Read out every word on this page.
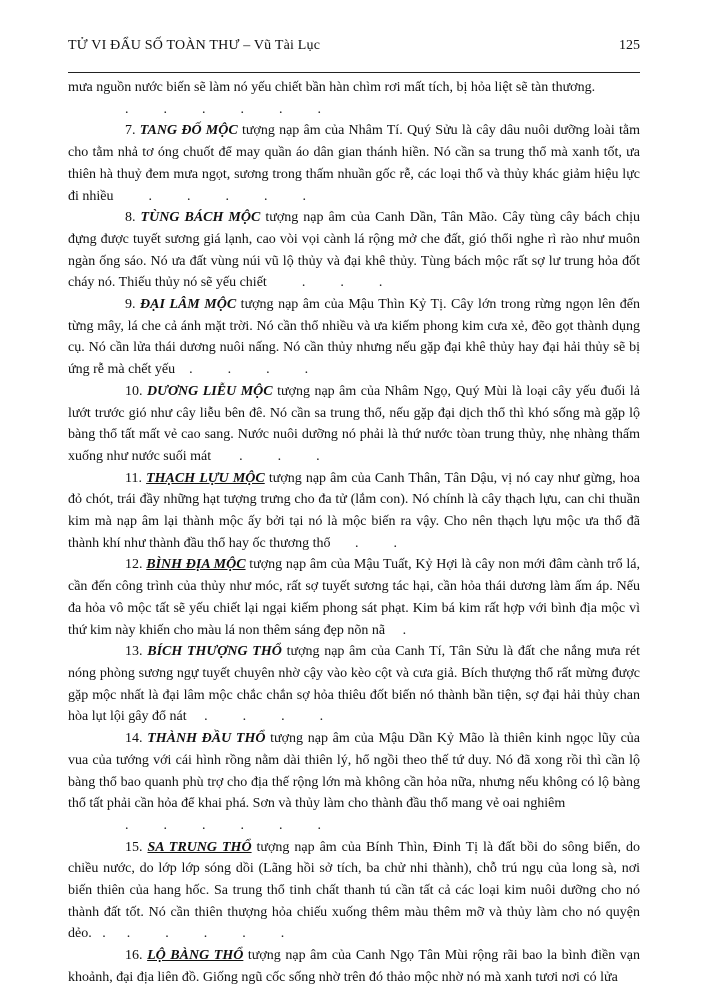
TỬ VI ĐẨU SỐ TOÀN THƯ – Vũ Tài Lục	125

mưa nguồn nước biến sẽ làm nó yếu chiết bần hàn chìm rơi mất tích, bị hỏa liệt sẽ tàn thương.

.          .          .          .          .          .

7. TANG ĐỐ MỘC tượng nạp âm của Nhâm Tí. Quý Sửu là cây dâu nuôi dưỡng loài tằm cho tằm nhả tơ óng chuốt để may quần áo dân gian thánh hiền. Nó cần sa trung thổ mà xanh tốt, ưa thiên hà thuỷ đem mưa ngọt, sương trong thấm nhuần gốc rễ, các loại thổ và thủy khác giảm hiệu lực đi nhiều          .          .          .          .          .

8. TÙNG BÁCH MỘC tượng nạp âm của Canh Dần, Tân Mão. Cây tùng cây bách chịu đựng được tuyết sương giá lạnh, cao vòi vọi cành lá rộng mở che đất, gió thổi nghe rì rào như muôn ngàn ống sáo. Nó ưa đất vùng núi vũ lộ thủy và đại khê thủy. Tùng bách mộc rất sợ lư trung hỏa đốt cháy nó. Thiếu thủy nó sẽ yếu chiết          .          .          .

9. ĐẠI LÂM MỘC tượng nạp âm của Mậu Thìn Kỷ Tị. Cây lớn trong rừng ngọn lên đến từng mây, lá che cả ánh mặt trời. Nó cần thổ nhiều và ưa kiếm phong kim cưa xẻ, đẽo gọt thành dụng cụ. Nó cần lửa thái dương nuôi nấng. Nó cần thủy nhưng nếu gặp đại khê thủy hay đại hải thủy sẽ bị ứng rễ mà chết yếu    .          .          .          .

10. DƯƠNG LIỄU MỘC tượng nạp âm của Nhâm Ngọ, Quý Mùi là loại cây yếu đuối lả lướt trước gió như cây liễu bên đê. Nó cần sa trung thổ, nếu gặp đại dịch thổ thì khó sống mà gặp lộ bàng thổ tất mất vẻ cao sang. Nước nuôi dưỡng nó phải là thứ nước tòan trung thủy, nhẹ nhàng thấm xuống như nước suối mát        .          .          .

11. THẠCH LỰU MỘC tượng nạp âm của Canh Thân, Tân Dậu, vị nó cay như gừng, hoa đỏ chót, trái đầy những hạt tượng trưng cho đa tử (lắm con). Nó chính là cây thạch lựu, can chi thuần kim mà nạp âm lại thành mộc ấy bởi tại nó là mộc biến ra vậy. Cho nên thạch lựu mộc ưa thổ đã thành khí như thành đầu thổ hay ốc thương thổ       .          .

12. BÌNH ĐỊA MỘC tượng nạp âm của Mậu Tuất, Kỷ Hợi là cây non mới đâm cành trổ lá, cần đến công trình của thủy như móc, rất sợ tuyết sương tác hại, cần hỏa thái dương làm ấm áp. Nếu đa hỏa vô mộc tất sẽ yếu chiết lại ngại kiếm phong sát phạt. Kim bá kim rất hợp với bình địa mộc vì thứ kim này khiến cho màu lá non thêm sáng đẹp nõn nã     .

13. BÍCH THƯỢNG THỔ tượng nạp âm của Canh Tí, Tân Sửu là đất che nắng mưa rét nóng phòng sương ngự tuyết chuyên nhờ cậy vào kèo cột và cưa giả. Bích thượng thổ rất mừng được gặp mộc nhất là đại lâm mộc chắc chắn sợ hỏa thiêu đốt biến nó thành bần tiện, sợ đại hải thủy chan hòa lụt lội gây đổ nát     .          .          .          .

14. THÀNH ĐẦU THỔ tượng nạp âm của Mậu Dần Kỷ Mão là thiên kinh ngọc lũy của vua của tướng với cái hình rồng nằm dài thiên lý, hổ ngồi theo thế tứ duy. Nó đã xong rồi thì cần lộ bàng thổ bao quanh phù trợ cho địa thế rộng lớn mà không cần hỏa nữa, nhưng nếu không có lộ bàng thổ tất phải cần hỏa để khai phá. Sơn và thủy làm cho thành đầu thổ mang vẻ oai nghiêm

.          .          .          .          .          .

15. SA TRUNG THỔ tượng nạp âm của Bính Thìn, Đinh Tị là đất bồi do sông biển, do chiều nước, do lớp lớp sóng dồi (Lãng hồi sở tích, ba chử nhi thành), chỗ trú ngụ của long sà, nơi biến thiên của hang hốc. Sa trung thổ tinh chất thanh tú cần tất cả các loại kim nuôi dưỡng cho nó thành đất tốt. Nó cần thiên thượng hỏa chiếu xuống thêm màu thêm mỡ và thủy làm cho nó quyện dẻo.   .      .          .          .          .          .

16. LỘ BÀNG THỔ tượng nạp âm của Canh Ngọ Tân Mùi rộng rãi bao la bình điền vạn khoảnh, đại địa liên đồ. Giống ngũ cốc sống nhờ trên đó thảo mộc nhờ nó mà xanh tươi nơi có lửa
